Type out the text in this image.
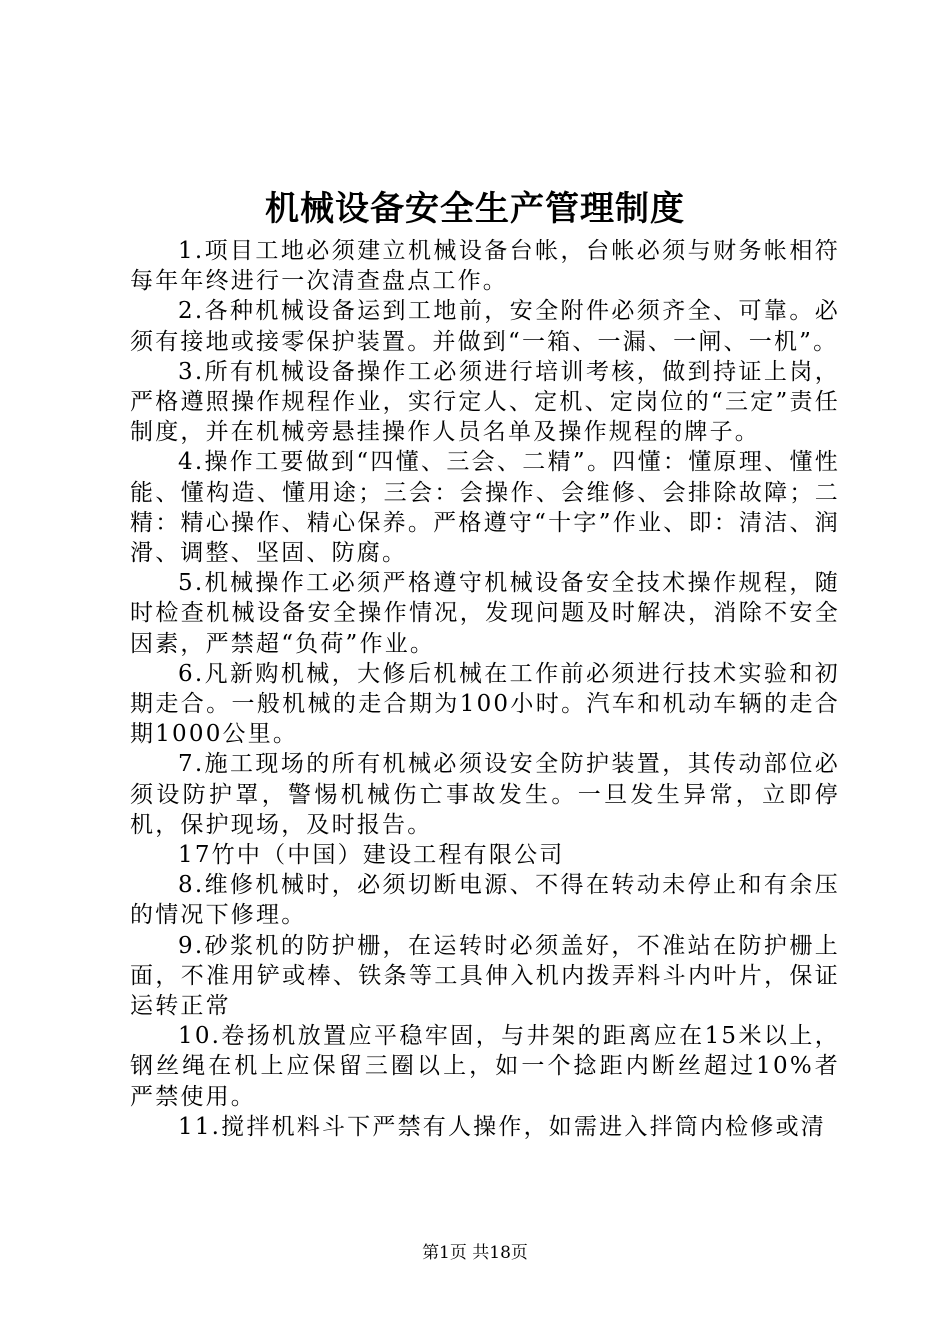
机械设备安全生产管理制度

1.项目工地必须建立机械设备台帐，台帐必须与财务帐相符每年年终进行一次清查盘点工作。

2.各种机械设备运到工地前，安全附件必须齐全、可靠。必须有接地或接零保护装置。并做到“一箱、一漏、一闸、一机”。

3.所有机械设备操作工必须进行培训考核，做到持证上岗，严格遵照操作规程作业，实行定人、定机、定岗位的“三定”责任制度，并在机械旁悬挂操作人员名单及操作规程的牌子。

4.操作工要做到“四懂、三会、二精”。四懂：懂原理、懂性能、懂构造、懂用途；三会：会操作、会维修、会排除故障；二精：精心操作、精心保养。严格遵守“十字”作业、即：清洁、润滑、调整、坚固、防腐。

5.机械操作工必须严格遵守机械设备安全技术操作规程，随时检查机械设备安全操作情况，发现问题及时解决，消除不安全因素，严禁超“负荷”作业。

6.凡新购机械，大修后机械在工作前必须进行技术实验和初期走合。一般机械的走合期为100小时。汽车和机动车辆的走合期1000公里。

7.施工现场的所有机械必须设安全防护装置，其传动部位必须设防护罩，警惕机械伤亡事故发生。一旦发生异常，立即停机，保护现场，及时报告。

17竹中（中国）建设工程有限公司

8.维修机械时，必须切断电源、不得在转动未停止和有余压的情况下修理。

9.砂浆机的防护栅，在运转时必须盖好，不准站在防护栅上面，不准用铲或棒、铁条等工具伸入机内拨弄料斗内叶片，保证运转正常

10.卷扬机放置应平稳牢固，与井架的距离应在15米以上，钢丝绳在机上应保留三圈以上，如一个捻距内断丝超过10%者严禁使用。

11.搅拌机料斗下严禁有人操作，如需进入拌筒内检修或清

第1页 共18页
